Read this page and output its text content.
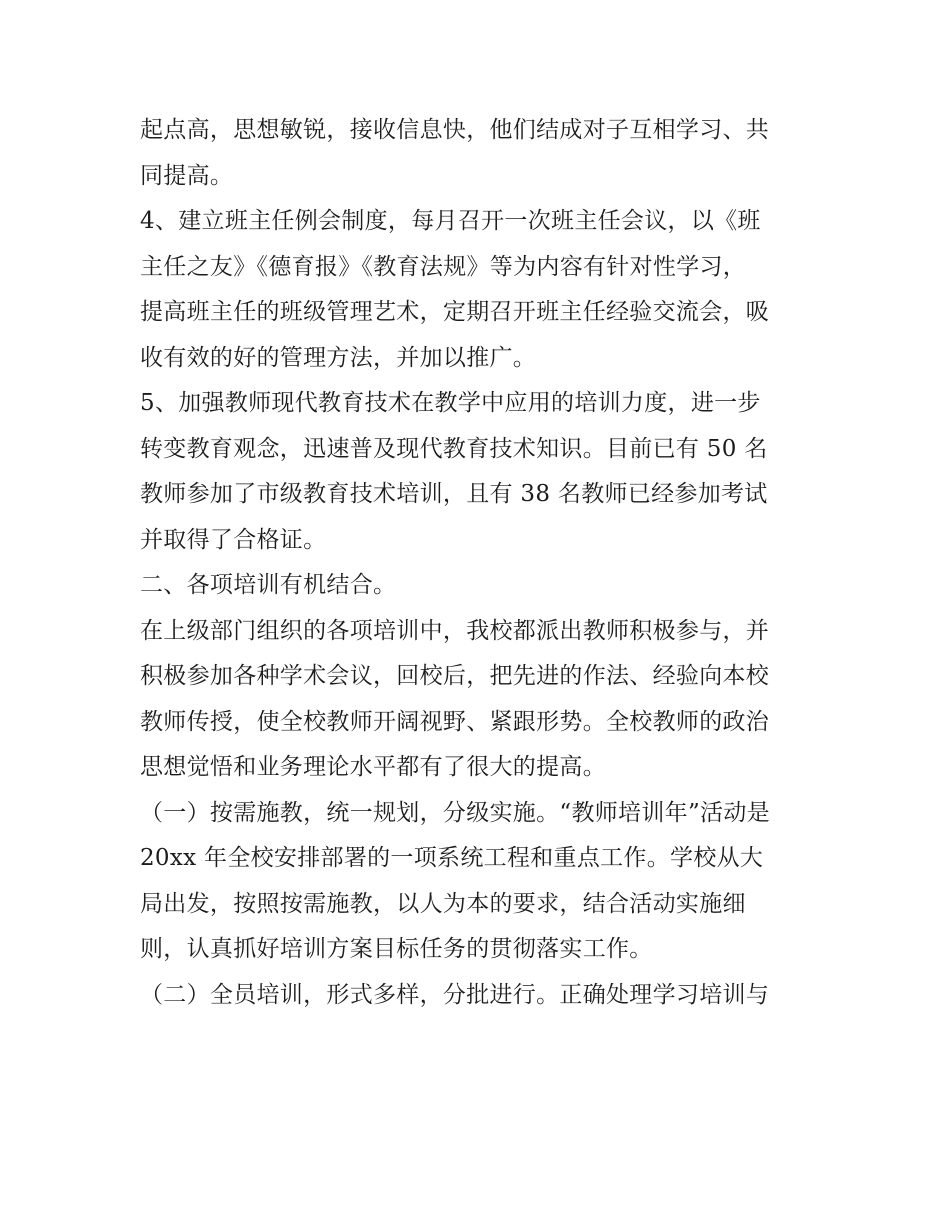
起点高，思想敏锐，接收信息快，他们结成对子互相学习、共
同提高。

4、建立班主任例会制度，每月召开一次班主任会议，以《班
主任之友》《德育报》《教育法规》等为内容有针对性学习，
提高班主任的班级管理艺术，定期召开班主任经验交流会，吸
收有效的好的管理方法，并加以推广。

5、加强教师现代教育技术在教学中应用的培训力度，进一步
转变教育观念，迅速普及现代教育技术知识。目前已有 50 名
教师参加了市级教育技术培训，且有 38 名教师已经参加考试
并取得了合格证。

二、各项培训有机结合。

在上级部门组织的各项培训中，我校都派出教师积极参与，并
积极参加各种学术会议，回校后，把先进的作法、经验向本校
教师传授，使全校教师开阔视野、紧跟形势。全校教师的政治
思想觉悟和业务理论水平都有了很大的提高。

（一）按需施教，统一规划，分级实施。“教师培训年”活动是
20xx 年全校安排部署的一项系统工程和重点工作。学校从大
局出发，按照按需施教，以人为本的要求，结合活动实施细
则，认真抓好培训方案目标任务的贯彻落实工作。

（二）全员培训，形式多样，分批进行。正确处理学习培训与
